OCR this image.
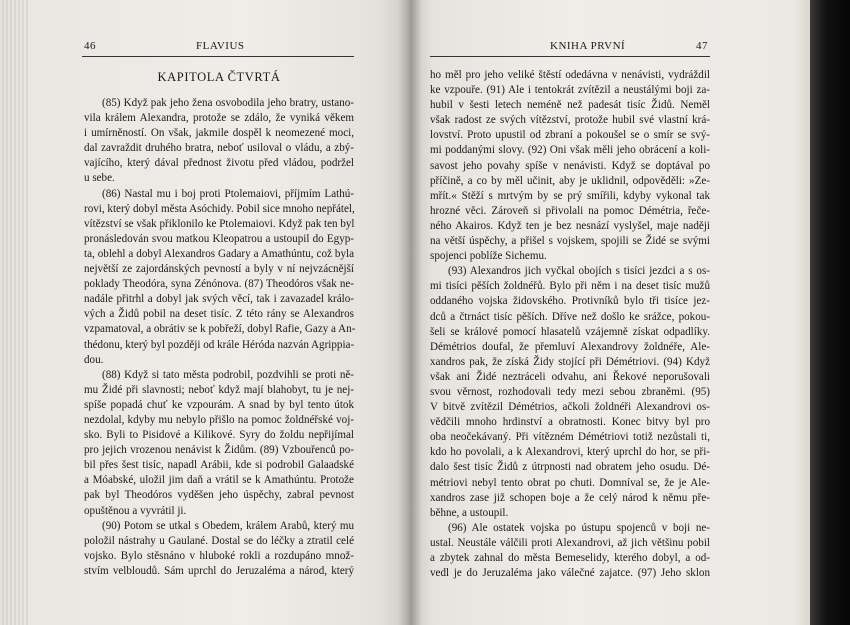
46	FLAVIUS
KAPITOLA ČTVRTÁ
(85) Když pak jeho žena osvobodila jeho bratry, ustano-
vila králem Alexandra, protože se zdálo, že vyniká věkem
i umírněností. On však, jakmile dospěl k neomezené moci,
dal zavraždit druhého bratra, neboť usiloval o vládu, a zbý-
vajícího, který dával přednost životu před vládou, podržel
u sebe.
(86) Nastal mu i boj proti Ptolemaiovi, příjmím Lathú-
rovi, který dobyl města Asóchidy. Pobil sice mnoho nepřátel,
vítězství se však přiklonilo ke Ptolemaiovi. Když pak ten byl
pronásledován svou matkou Kleopatrou a ustoupil do Egyp-
ta, oblehl a dobyl Alexandros Gadary a Amathúntu, což byla
největší ze zajordánských pevností a byly v ní nejvzácnější
poklady Theodóra, syna Zénónova. (87) Theodóros však ne-
nadále přitrhl a dobyl jak svých věcí, tak i zavazadel králo-
vých a Židů pobil na deset tisíc. Z této rány se Alexandros
vzpamatoval, a obrátiv se k pobřeží, dobyl Rafie, Gazy a An-
thédonu, který byl později od krále Héróda nazván Agrippia-
dou.
(88) Když si tato města podrobil, pozdvihli se proti ně-
mu Židé při slavnosti; neboť když mají blahobyt, tu je nej-
spíše popadá chuť ke vzpourám. A snad by byl tento útok
nezdolal, kdyby mu nebylo přišlo na pomoc žoldnéřské voj-
sko. Byli to Pisidové a Kilikové. Syry do žoldu nepřijímal
pro jejich vrozenou nenávist k Židům. (89) Vzbouřenců po-
bil přes šest tisíc, napadl Arábii, kde si podrobil Galaadské
a Móabské, uložil jim daň a vrátil se k Amathúntu. Protože
pak byl Theodóros vyděšen jeho úspěchy, zabral pevnost
opuštěnou a vyvrátil ji.
(90) Potom se utkal s Obedem, králem Arabů, který mu
položil nástrahy u Gaulané. Dostal se do léčky a ztratil celé
vojsko. Bylo stěsnáno v hluboké rokli a rozdupáno množ-
stvím velbloudů. Sám uprchl do Jeruzaléma a národ, který
KNIHA PRVNÍ	47
ho měl pro jeho veliké štěstí odedávna v nenávisti, vydráždil
ke vzpouře. (91) Ale i tentokrát zvítězil a neustálými boji za-
hubil v šesti letech neméně než padesát tisíc Židů. Neměl
však radost ze svých vítězství, protože hubil své vlastní krá-
lovství. Proto upustil od zbraní a pokoušel se o smír se svý-
mi poddanými slovy. (92) Oni však měli jeho obrácení a koli-
savost jeho povahy spíše v nenávisti. Když se doptával po
příčině, a co by měl učinit, aby je uklidnil, odpověděli: »Ze-
mřít.« Stěží s mrtvým by se prý smířili, kdyby vykonal tak
hrozné věci. Zároveň si přivolali na pomoc Démétria, řeče-
ného Akairos. Když ten je bez nesnází vyslyšel, maje naději
na větší úspěchy, a přišel s vojskem, spojili se Židé se svými
spojenci poblíže Sichemu.
(93) Alexandros jich vyčkal obojích s tisíci jezdci a s os-
mi tisíci pěších žoldnéřů. Bylo při něm i na deset tisíc mužů
oddaného vojska židovského. Protivníků bylo tři tisíce jez-
dců a čtrnáct tisíc pěších. Dříve než došlo ke srážce, pokou-
šeli se králové pomocí hlasatelů vzájemně získat odpadlíky.
Démétrios doufal, že přemluví Alexandrovy žoldnéře, Ale-
xandros pak, že získá Židy stojící při Démétriovi. (94) Když
však ani Židé neztráceli odvahu, ani Řekové neporušovali
svou věrnost, rozhodovali tedy mezi sebou zbraněmi. (95)
V bitvě zvítězil Démétrios, ačkoli žoldnéři Alexandrovi os-
vědčili mnoho hrdinství a obratnosti. Konec bitvy byl pro
oba neočekávaný. Při vítězném Démétriovi totiž nezůstali ti,
kdo ho povolali, a k Alexandrovi, který uprchl do hor, se při-
dalo šest tisíc Židů z útrpnosti nad obratem jeho osudu. Dé-
métriovi nebyl tento obrat po chuti. Domníval se, že je Ale-
xandros zase již schopen boje a že celý národ k němu pře-
běhne, a ustoupil.
(96) Ale ostatek vojska po ústupu spojenců v boji ne-
ustal. Neustále válčili proti Alexandrovi, až jich většinu pobil
a zbytek zahnal do města Bemeselidy, kterého dobyl, a od-
vedl je do Jeruzaléma jako válečné zajatce. (97) Jeho sklon
